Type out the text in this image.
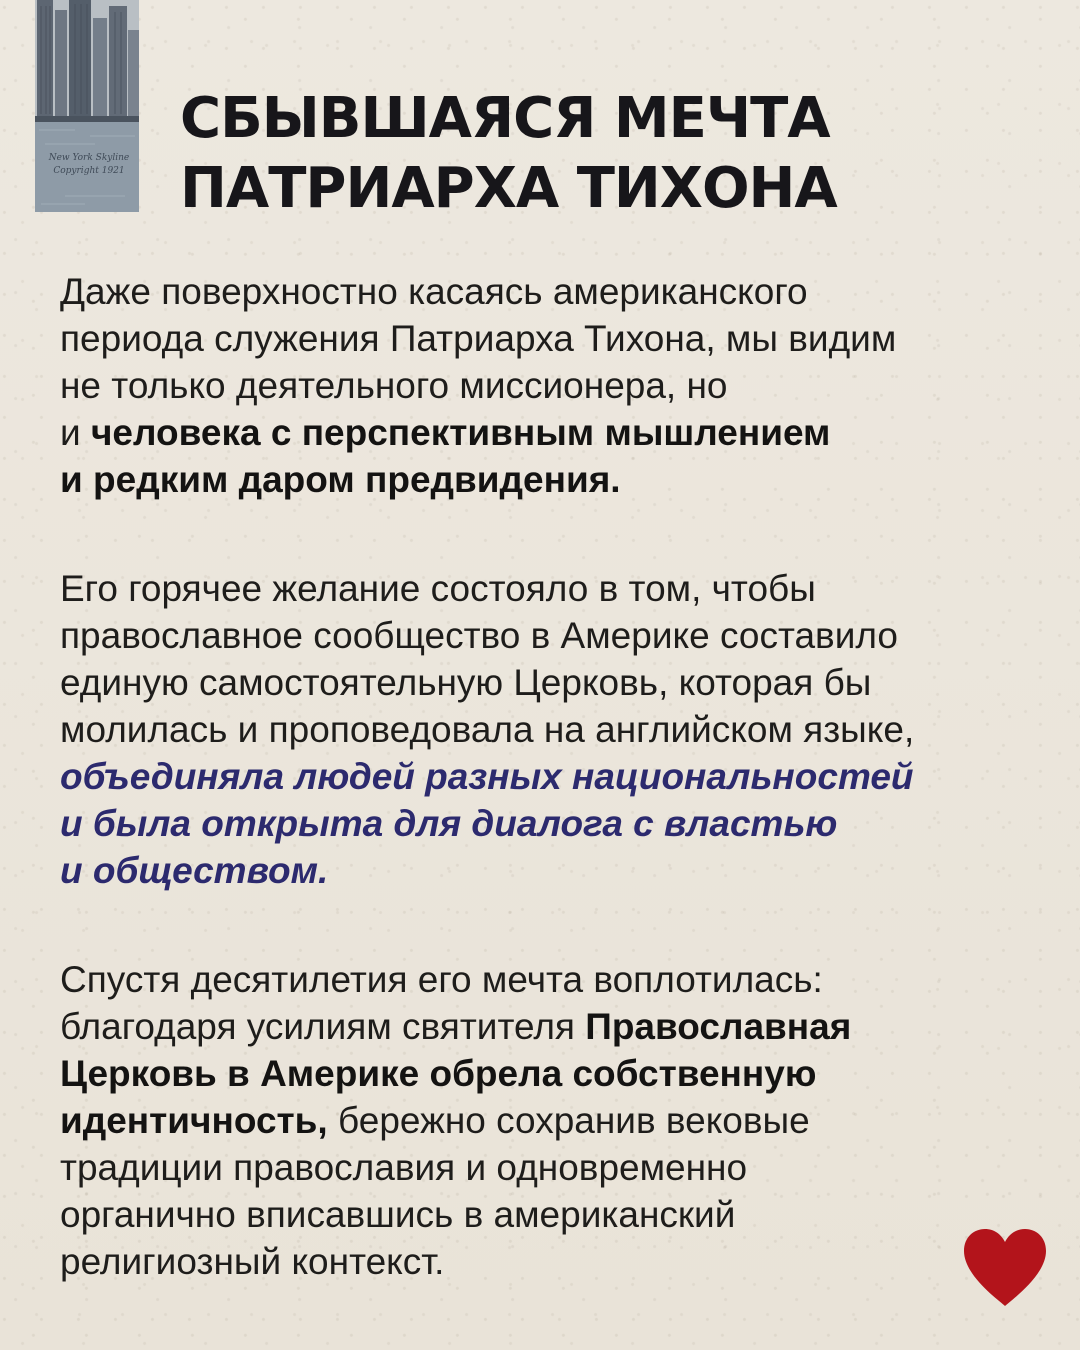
New York Skyline
Copyright 1921
СБЫВШАЯСЯ МЕЧТА
ПАТРИАРХА ТИХОНА

Даже поверхностно касаясь американского
периода служения Патриарха Тихона, мы видим
не только деятельного миссионера, но
и человека с перспективным мышлением
и редким даром предвидения.

Его горячее желание состояло в том, чтобы
православное сообщество в Америке составило
единую самостоятельную Церковь, которая бы
молилась и проповедовала на английском языке,
объединяла людей разных национальностей
и была открыта для диалога с властью
и обществом.

Спустя десятилетия его мечта воплотилась:
благодаря усилиям святителя Православная
Церковь в Америке обрела собственную
идентичность, бережно сохранив вековые
традиции православия и одновременно
органично вписавшись в американский
религиозный контекст.
